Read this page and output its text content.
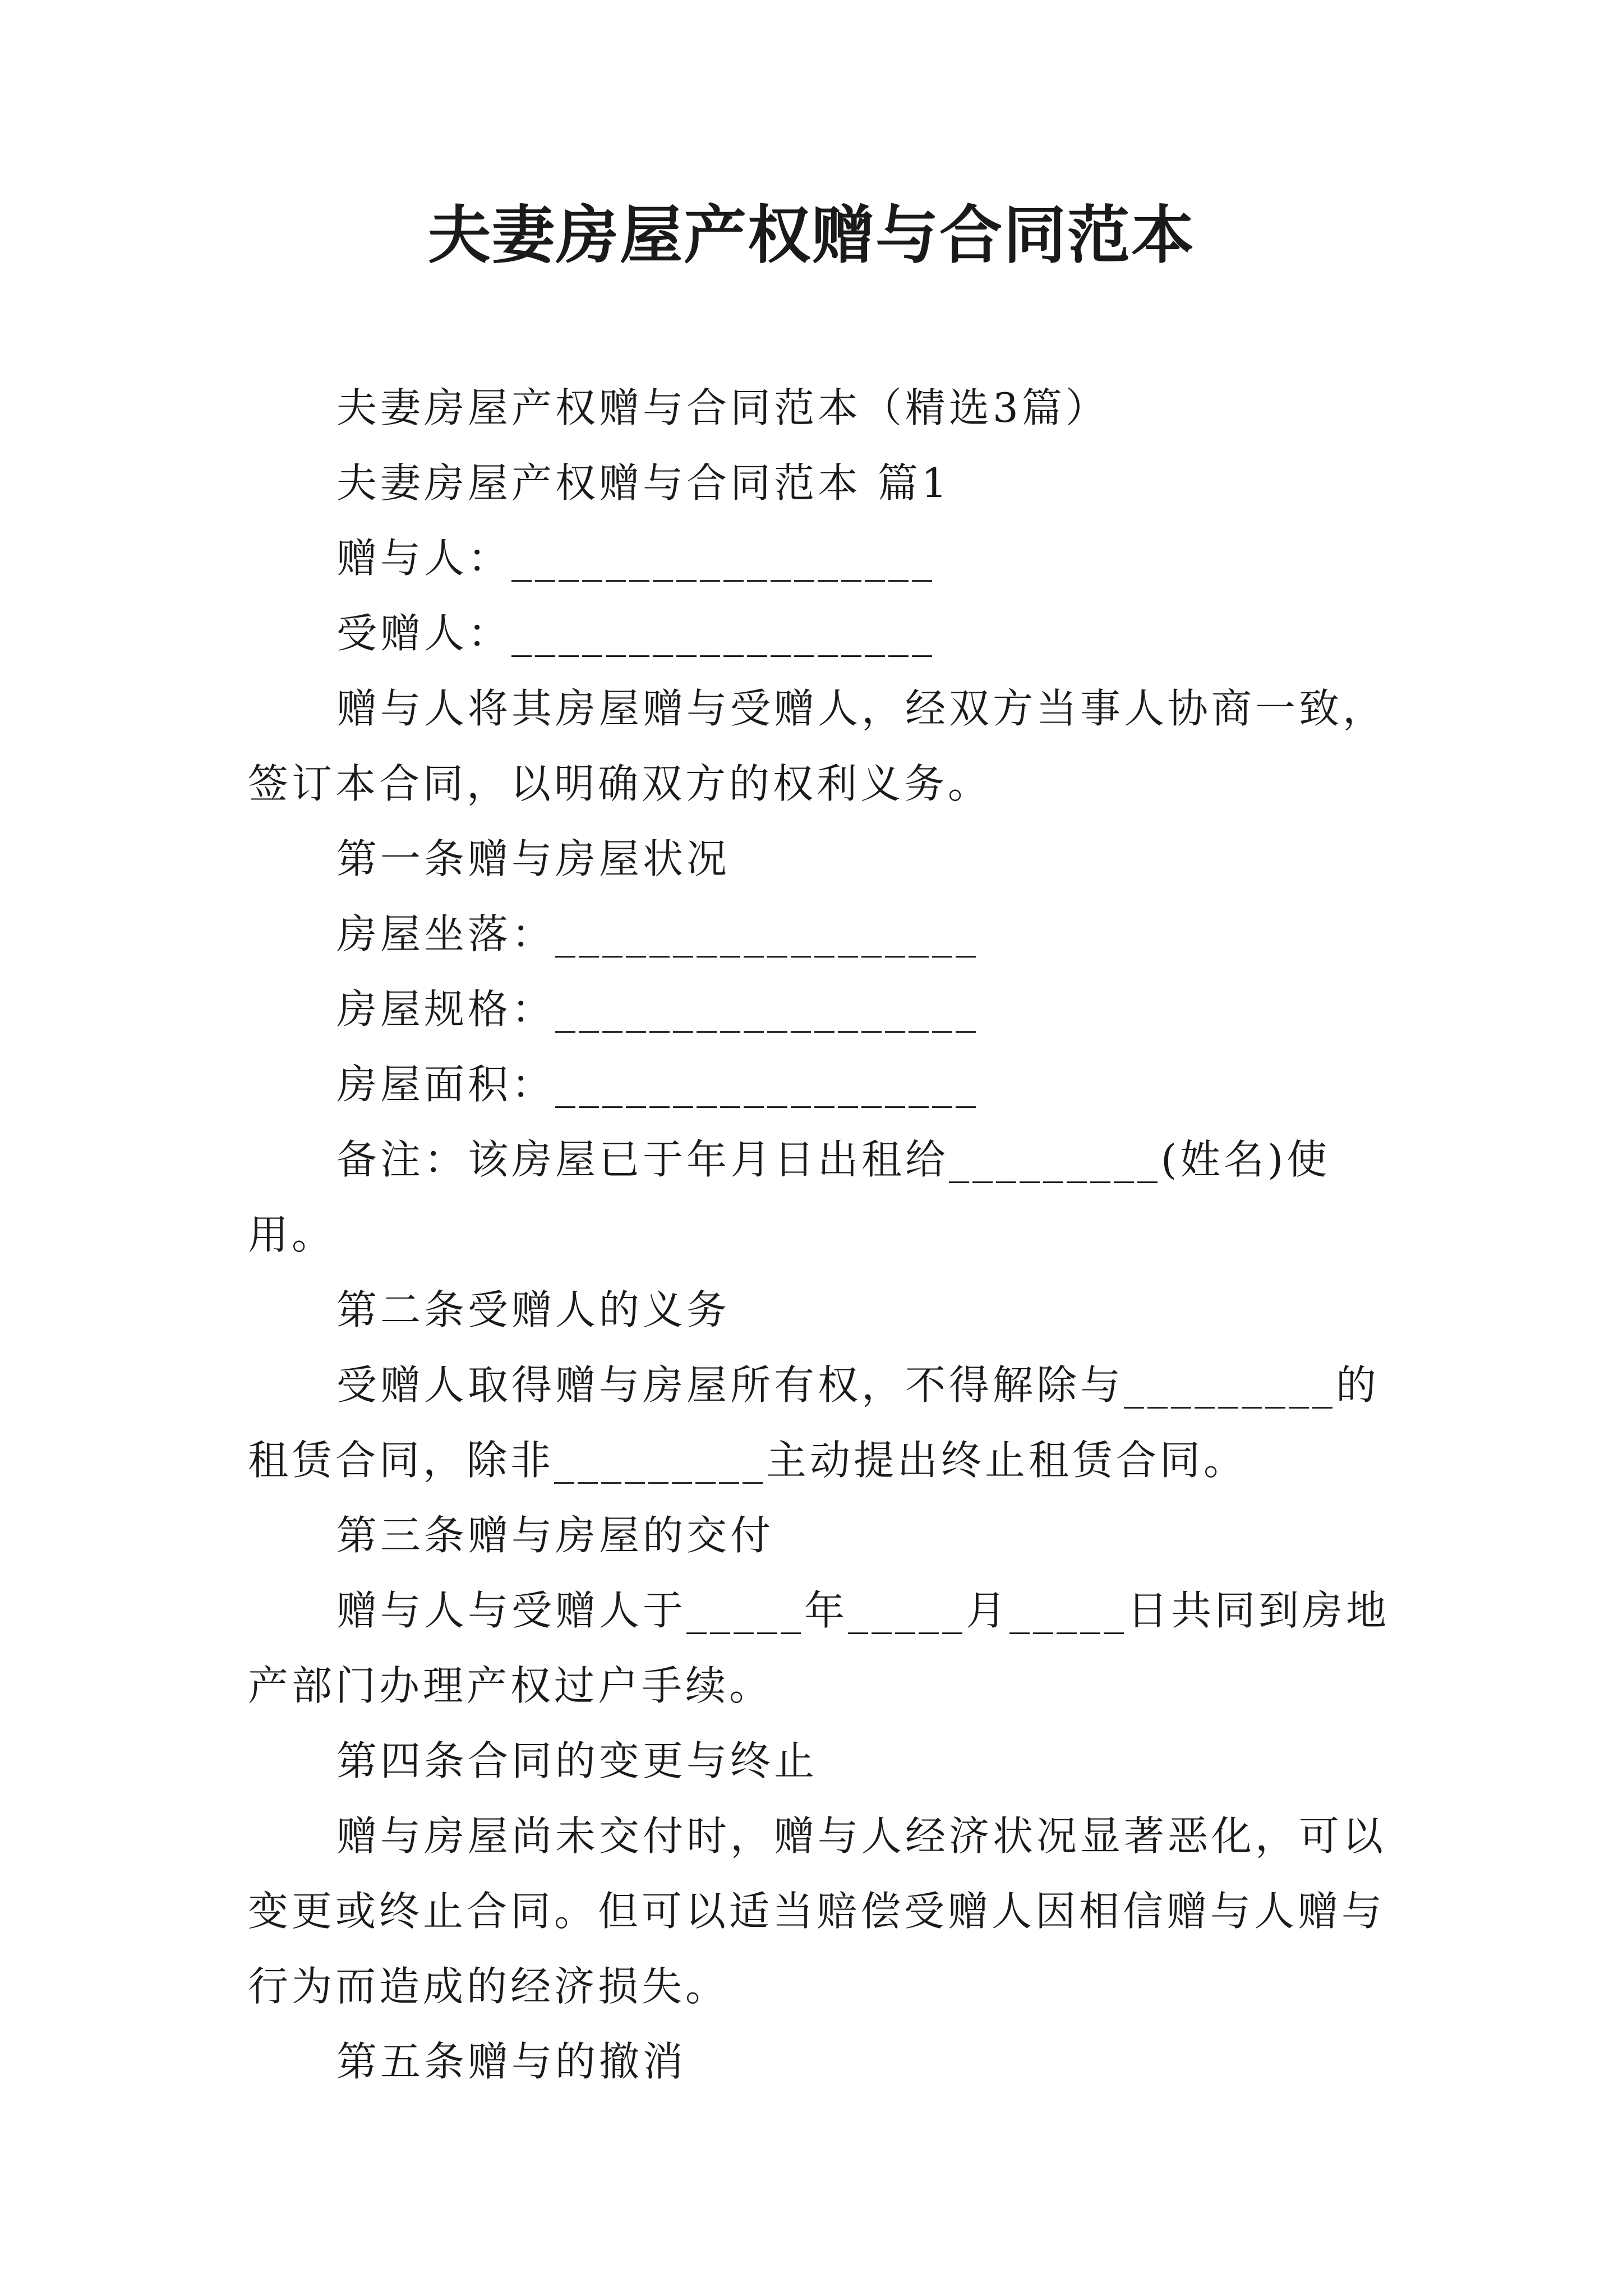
夫妻房屋产权赠与合同范本

夫妻房屋产权赠与合同范本（精选3篇）

夫妻房屋产权赠与合同范本 篇1

赠与人：__________________

受赠人：__________________

赠与人将其房屋赠与受赠人，经双方当事人协商一致，签订本合同，以明确双方的权利义务。

第一条赠与房屋状况

房屋坐落：__________________

房屋规格：__________________

房屋面积：__________________

备注：该房屋已于年月日出租给_________(姓名)使用。

第二条受赠人的义务

受赠人取得赠与房屋所有权，不得解除与_________的租赁合同，除非_________主动提出终止租赁合同。

第三条赠与房屋的交付

赠与人与受赠人于_____年_____月_____日共同到房地产部门办理产权过户手续。

第四条合同的变更与终止

赠与房屋尚未交付时，赠与人经济状况显著恶化，可以变更或终止合同。但可以适当赔偿受赠人因相信赠与人赠与行为而造成的经济损失。

第五条赠与的撤消
